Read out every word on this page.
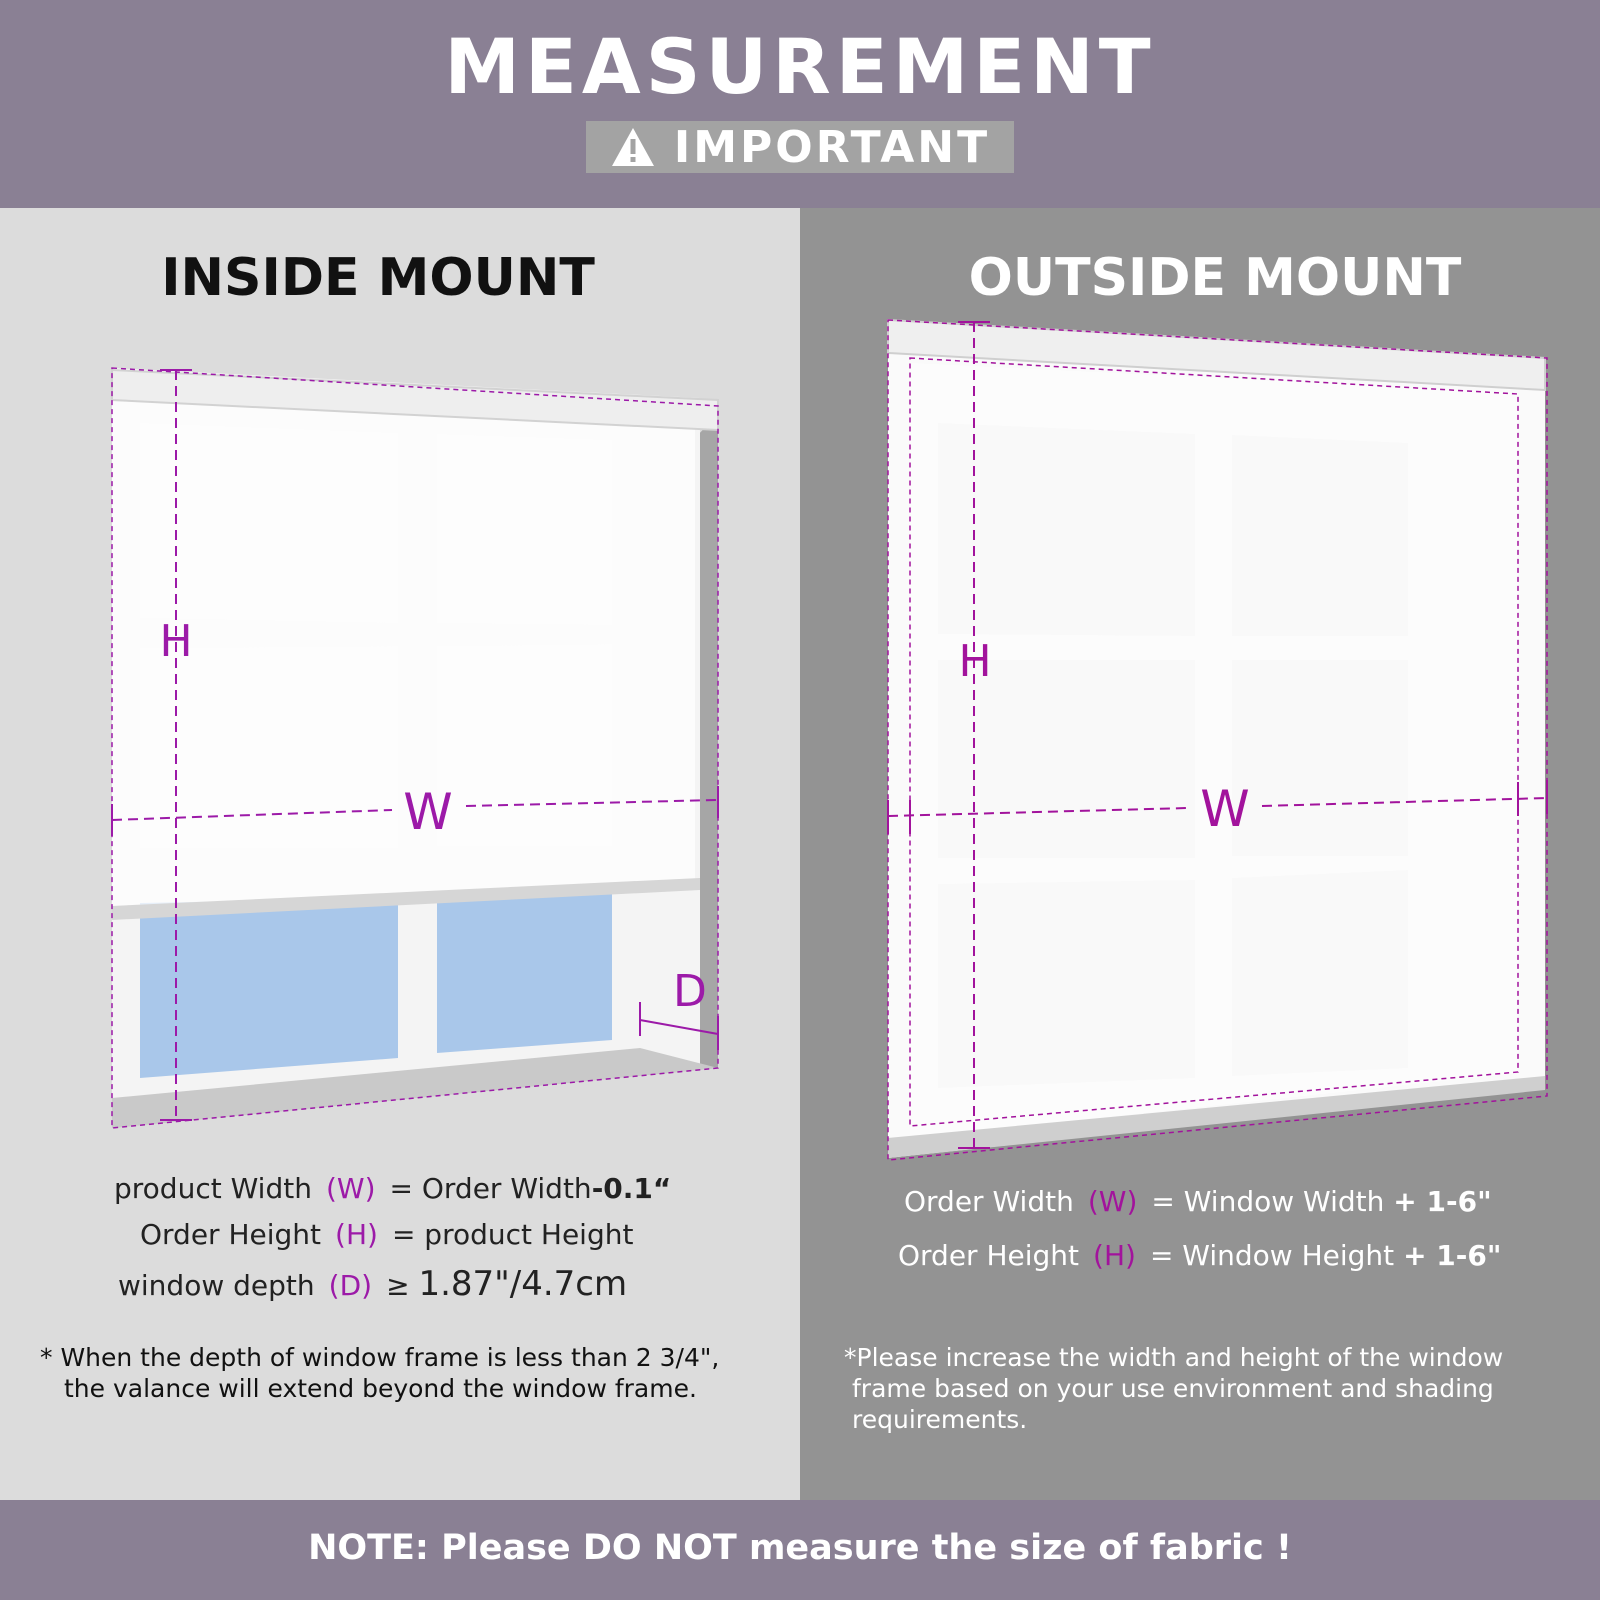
MEASUREMENT
IMPORTANT
INSIDE MOUNT
H
W
D
product Width (W) = Order Width-0.1“
Order Height (H) = product Height
window depth (D) ≥ 1.87"/4.7cm
* When the depth of window frame is less than 2 3/4",
the valance will extend beyond the window frame.
OUTSIDE MOUNT
H
W
Order Width (W) = Window Width + 1-6"
Order Height (H) = Window Height + 1-6"
*Please increase the width and height of the window
frame based on your use environment and shading
requirements.
NOTE: Please DO NOT measure the size of fabric !
